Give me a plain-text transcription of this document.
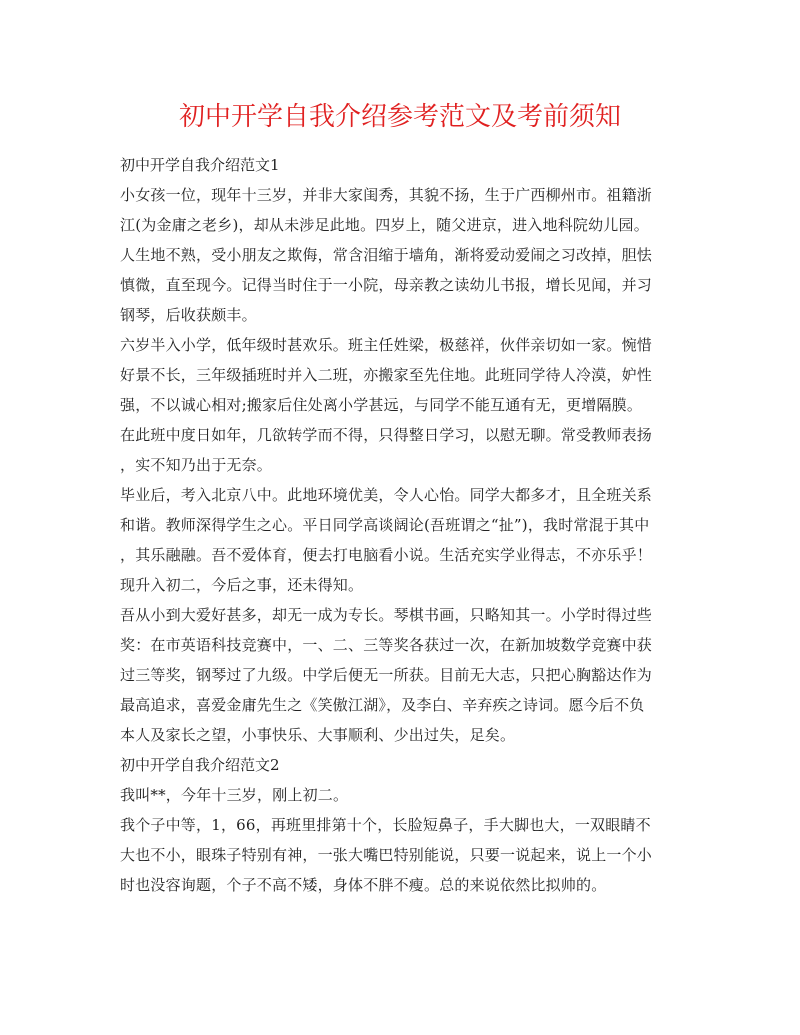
初中开学自我介绍参考范文及考前须知
初中开学自我介绍范文1

小女孩一位，现年十三岁，并非大家闺秀，其貌不扬，生于广西柳州市。祖籍浙
江(为金庸之老乡)，却从未涉足此地。四岁上，随父进京，进入地科院幼儿园。
人生地不熟，受小朋友之欺侮，常含泪缩于墙角，渐将爱动爱闹之习改掉，胆怯
慎微，直至现今。记得当时住于一小院，母亲教之读幼儿书报，增长见闻，并习
钢琴，后收获颇丰。

六岁半入小学，低年级时甚欢乐。班主任姓梁，极慈祥，伙伴亲切如一家。惋惜
好景不长，三年级插班时并入二班，亦搬家至先住地。此班同学待人冷漠，妒性
强，不以诚心相对;搬家后住处离小学甚远，与同学不能互通有无，更增隔膜。
在此班中度日如年，几欲转学而不得，只得整日学习，以慰无聊。常受教师表扬
，实不知乃出于无奈。

毕业后，考入北京八中。此地环境优美，令人心怡。同学大都多才，且全班关系
和谐。教师深得学生之心。平日同学高谈阔论(吾班谓之“扯”)，我时常混于其中
，其乐融融。吾不爱体育，便去打电脑看小说。生活充实学业得志，不亦乐乎！
现升入初二，今后之事，还未得知。

吾从小到大爱好甚多，却无一成为专长。琴棋书画，只略知其一。小学时得过些
奖：在市英语科技竞赛中，一、二、三等奖各获过一次，在新加坡数学竞赛中获
过三等奖，钢琴过了九级。中学后便无一所获。目前无大志，只把心胸豁达作为
最高追求，喜爱金庸先生之《笑傲江湖》，及李白、辛弃疾之诗词。愿今后不负
本人及家长之望，小事快乐、大事顺利、少出过失，足矣。

初中开学自我介绍范文2

我叫**，今年十三岁，刚上初二。

我个子中等，1，66，再班里排第十个，长脸短鼻子，手大脚也大，一双眼睛不
大也不小，眼珠子特别有神，一张大嘴巴特别能说，只要一说起来，说上一个小
时也没容询题，个子不高不矮，身体不胖不瘦。总的来说依然比拟帅的。
